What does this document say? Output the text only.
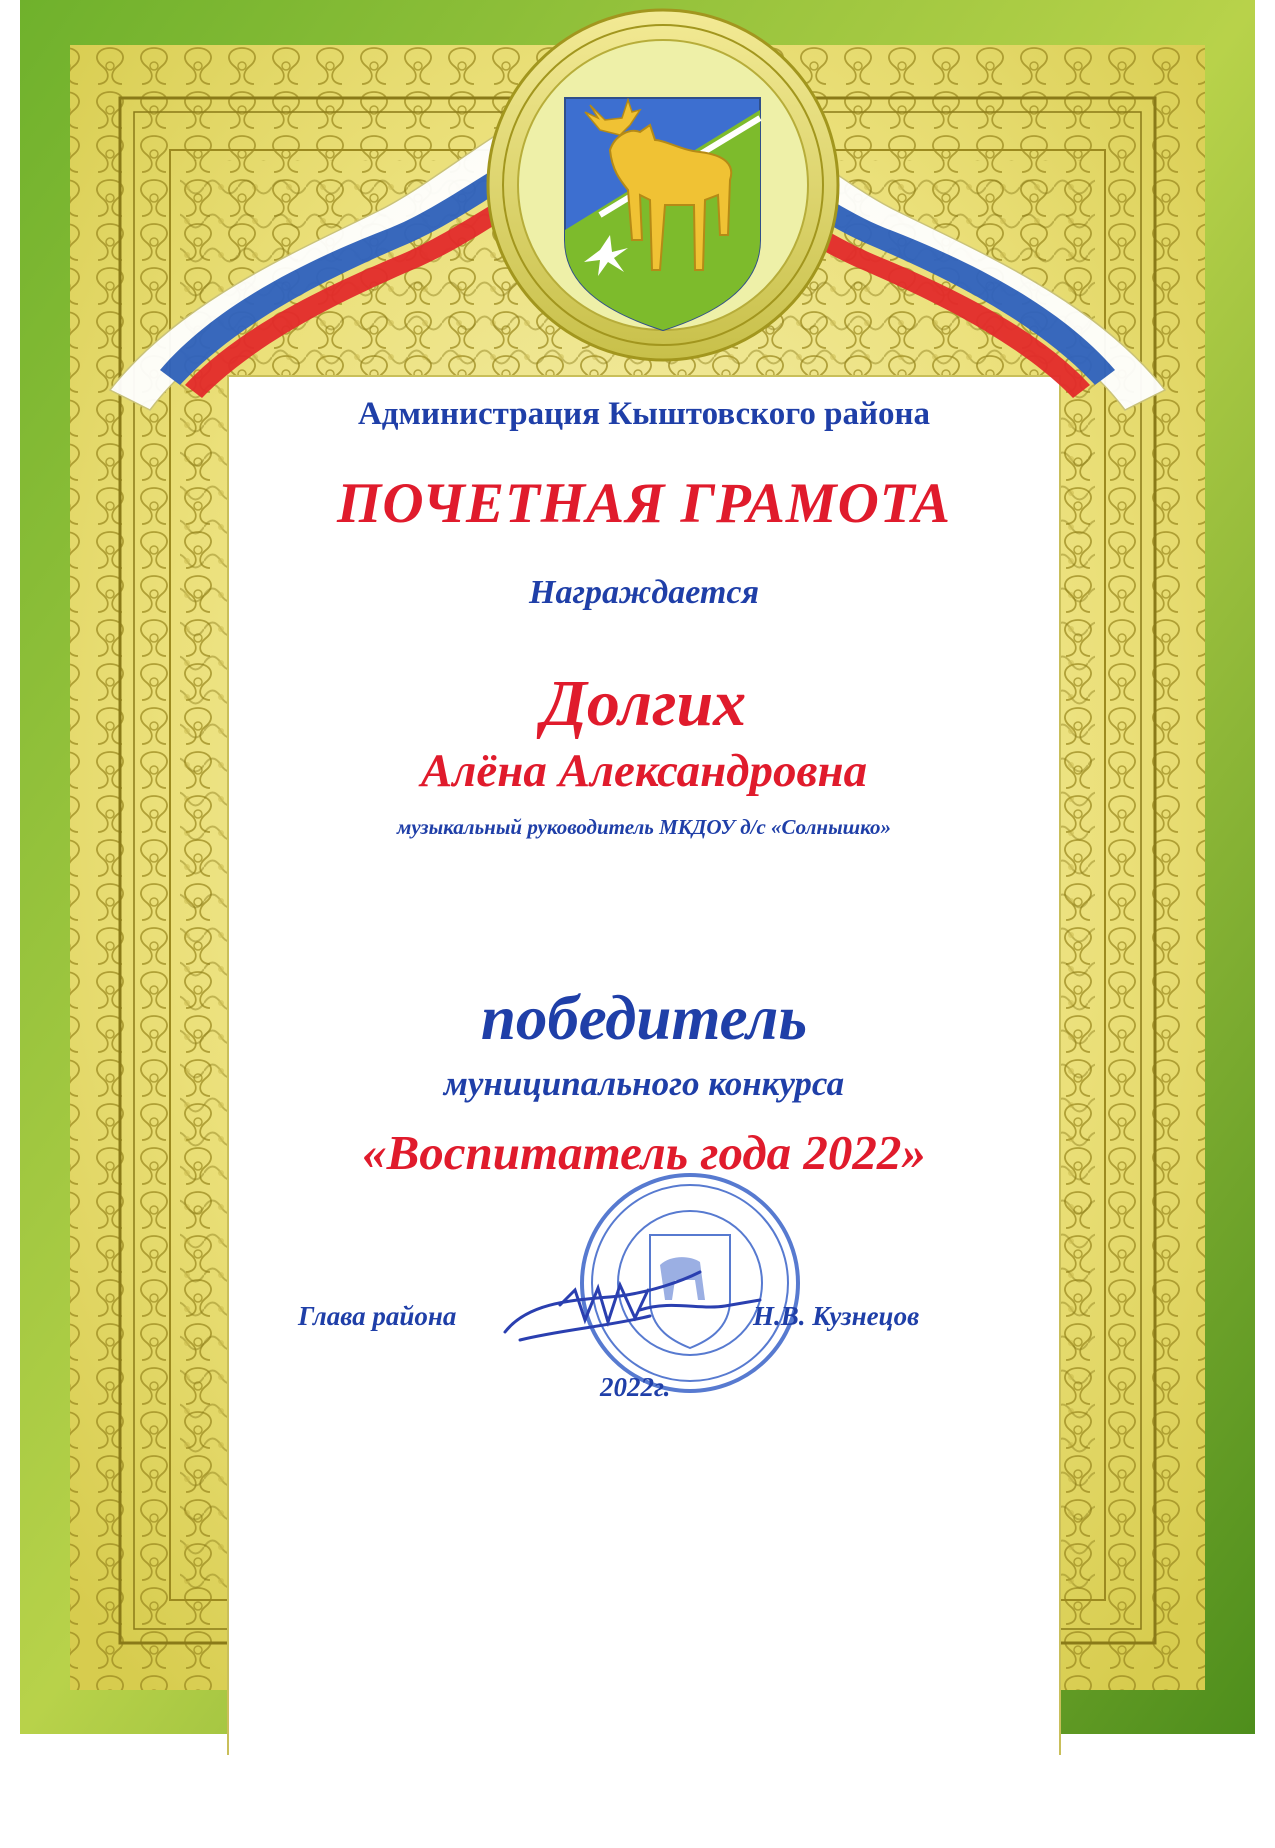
Администрация Кыштовского района
ПОЧЕТНАЯ ГРАМОТА
Награждается
Долгих
Алёна Александровна
музыкальный руководитель МКДОУ д/с «Солнышко»
победитель
муниципального конкурса
«Воспитатель года 2022»
Глава района	Н.В. Кузнецов
2022г.
